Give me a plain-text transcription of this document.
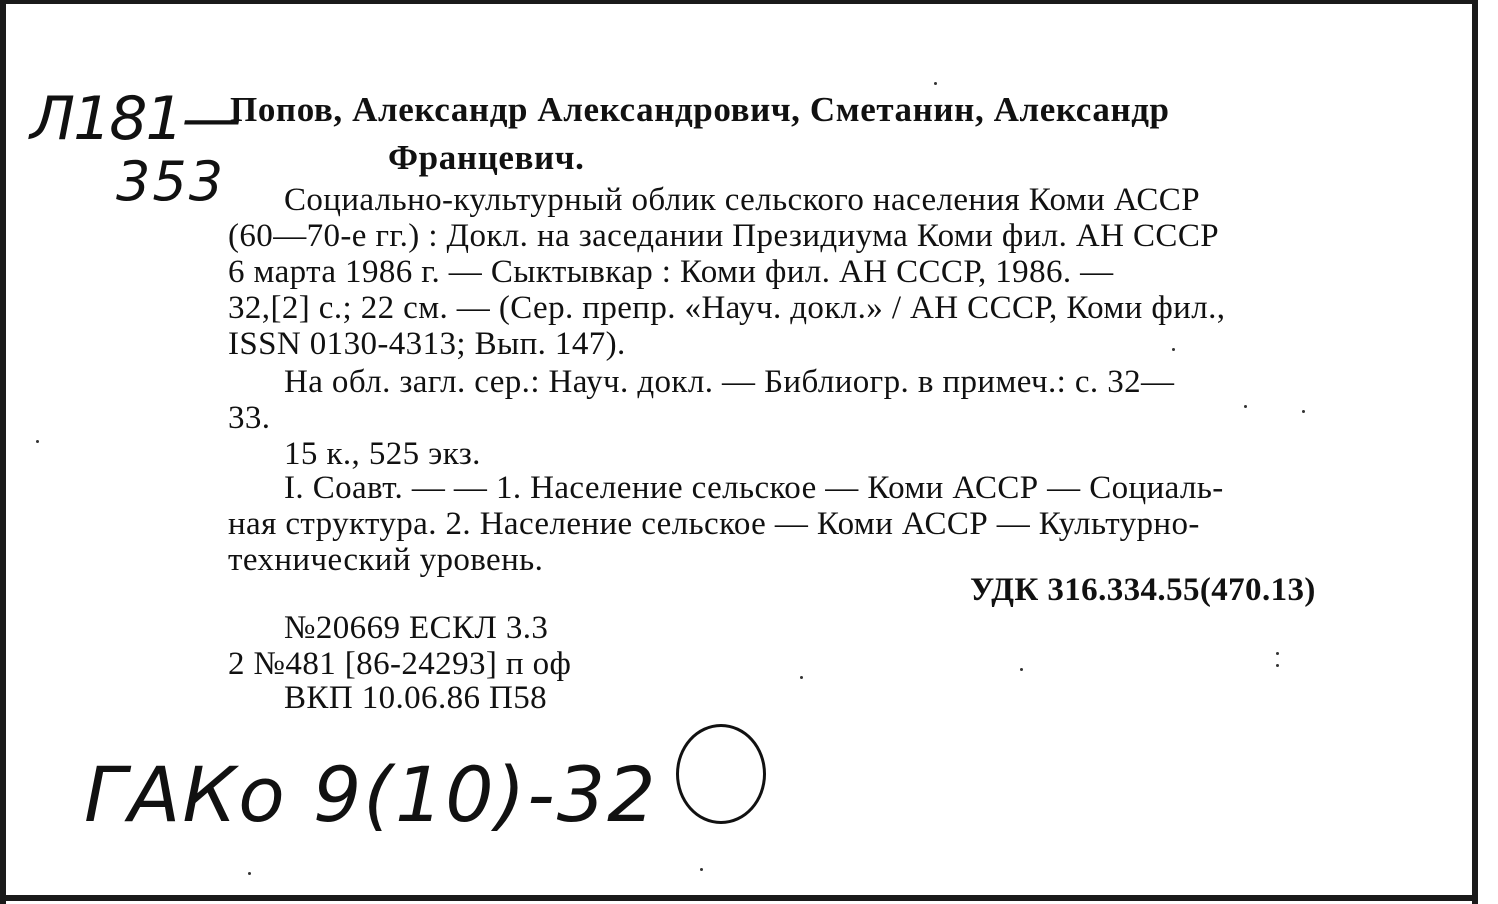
Л181—
353
Попов, Александр Александрович, Сметанин, Александр
Францевич.
Социально-культурный облик сельского населения Коми АССР
(60—70-е гг.) : Докл. на заседании Президиума Коми фил. АН СССР
6 марта 1986 г. — Сыктывкар : Коми фил. АН СССР, 1986. —
32,[2] с.; 22 см. — (Сер. препр. «Науч. докл.» / АН СССР, Коми фил.,
ISSN 0130-4313; Вып. 147).
На обл. загл. сер.: Науч. докл. — Библиогр. в примеч.: с. 32—
33.
15 к., 525 экз.
I. Соавт. — — 1. Население сельское — Коми АССР — Социаль-
ная структура. 2. Население сельское — Коми АССР — Культурно-
технический уровень.
УДК 316.334.55(470.13)
№20669 ЕСКЛ 3.3
2 №481 [86-24293] п оф
ВКП 10.06.86 П58
ГАКо 9(10)-32
